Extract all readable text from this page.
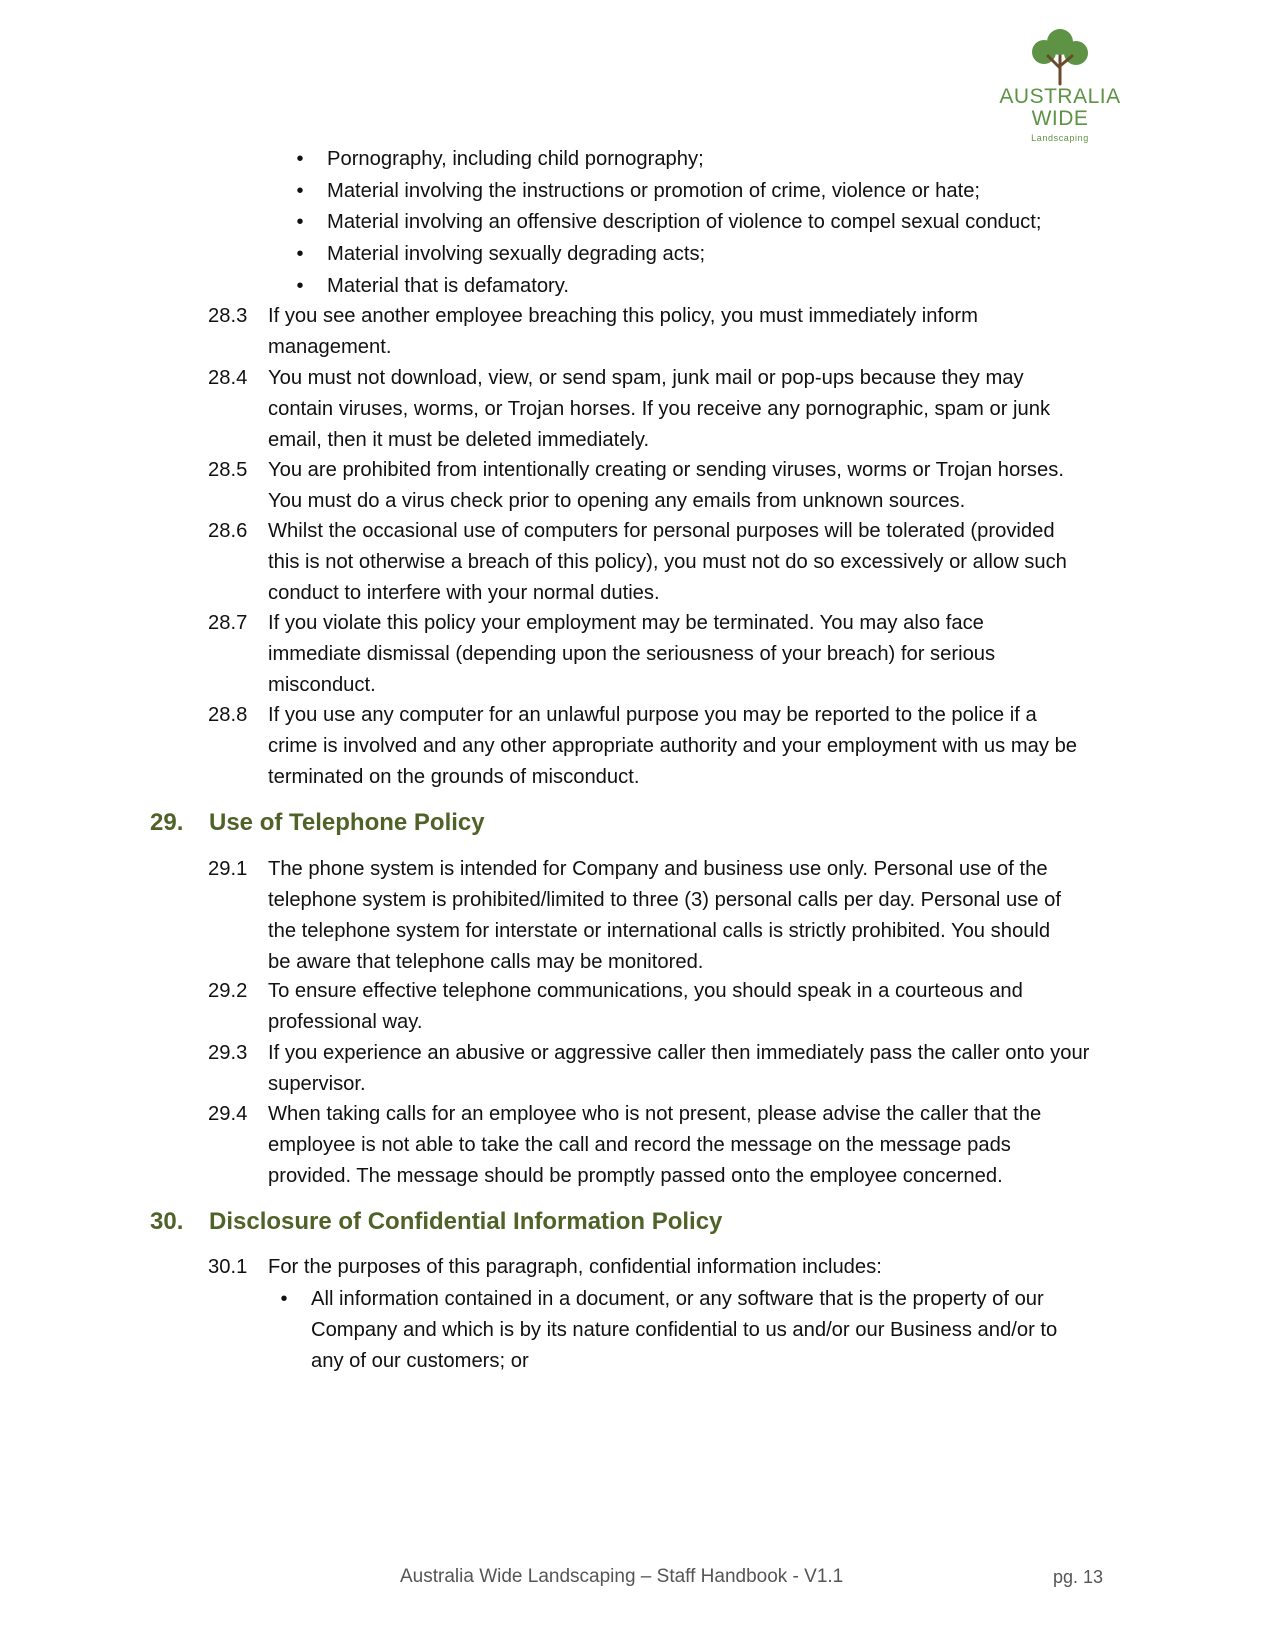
AUSTRALIA
WIDE
Landscaping
•	Pornography, including child pornography;
•	Material involving the instructions or promotion of crime, violence or hate;
•	Material involving an offensive description of violence to compel sexual conduct;
•	Material involving sexually degrading acts;
•	Material that is defamatory.
28.3 If you see another employee breaching this policy, you must immediately inform
management.
28.4 You must not download, view, or send spam, junk mail or pop-ups because they may
contain viruses, worms, or Trojan horses. If you receive any pornographic, spam or junk
email, then it must be deleted immediately.
28.5 You are prohibited from intentionally creating or sending viruses, worms or Trojan horses.
You must do a virus check prior to opening any emails from unknown sources.
28.6 Whilst the occasional use of computers for personal purposes will be tolerated (provided
this is not otherwise a breach of this policy), you must not do so excessively or allow such
conduct to interfere with your normal duties.
28.7 If you violate this policy your employment may be terminated. You may also face
immediate dismissal (depending upon the seriousness of your breach) for serious
misconduct.
28.8 If you use any computer for an unlawful purpose you may be reported to the police if a
crime is involved and any other appropriate authority and your employment with us may be
terminated on the grounds of misconduct.
29. Use of Telephone Policy
29.1 The phone system is intended for Company and business use only. Personal use of the
telephone system is prohibited/limited to three (3) personal calls per day. Personal use of
the telephone system for interstate or international calls is strictly prohibited. You should
be aware that telephone calls may be monitored.
29.2 To ensure effective telephone communications, you should speak in a courteous and
professional way.
29.3 If you experience an abusive or aggressive caller then immediately pass the caller onto your
supervisor.
29.4 When taking calls for an employee who is not present, please advise the caller that the
employee is not able to take the call and record the message on the message pads
provided. The message should be promptly passed onto the employee concerned.
30. Disclosure of Confidential Information Policy
30.1 For the purposes of this paragraph, confidential information includes:
•	All information contained in a document, or any software that is the property of our
Company and which is by its nature confidential to us and/or our Business and/or to
any of our customers; or
Australia Wide Landscaping – Staff Handbook - V1.1	pg. 13
